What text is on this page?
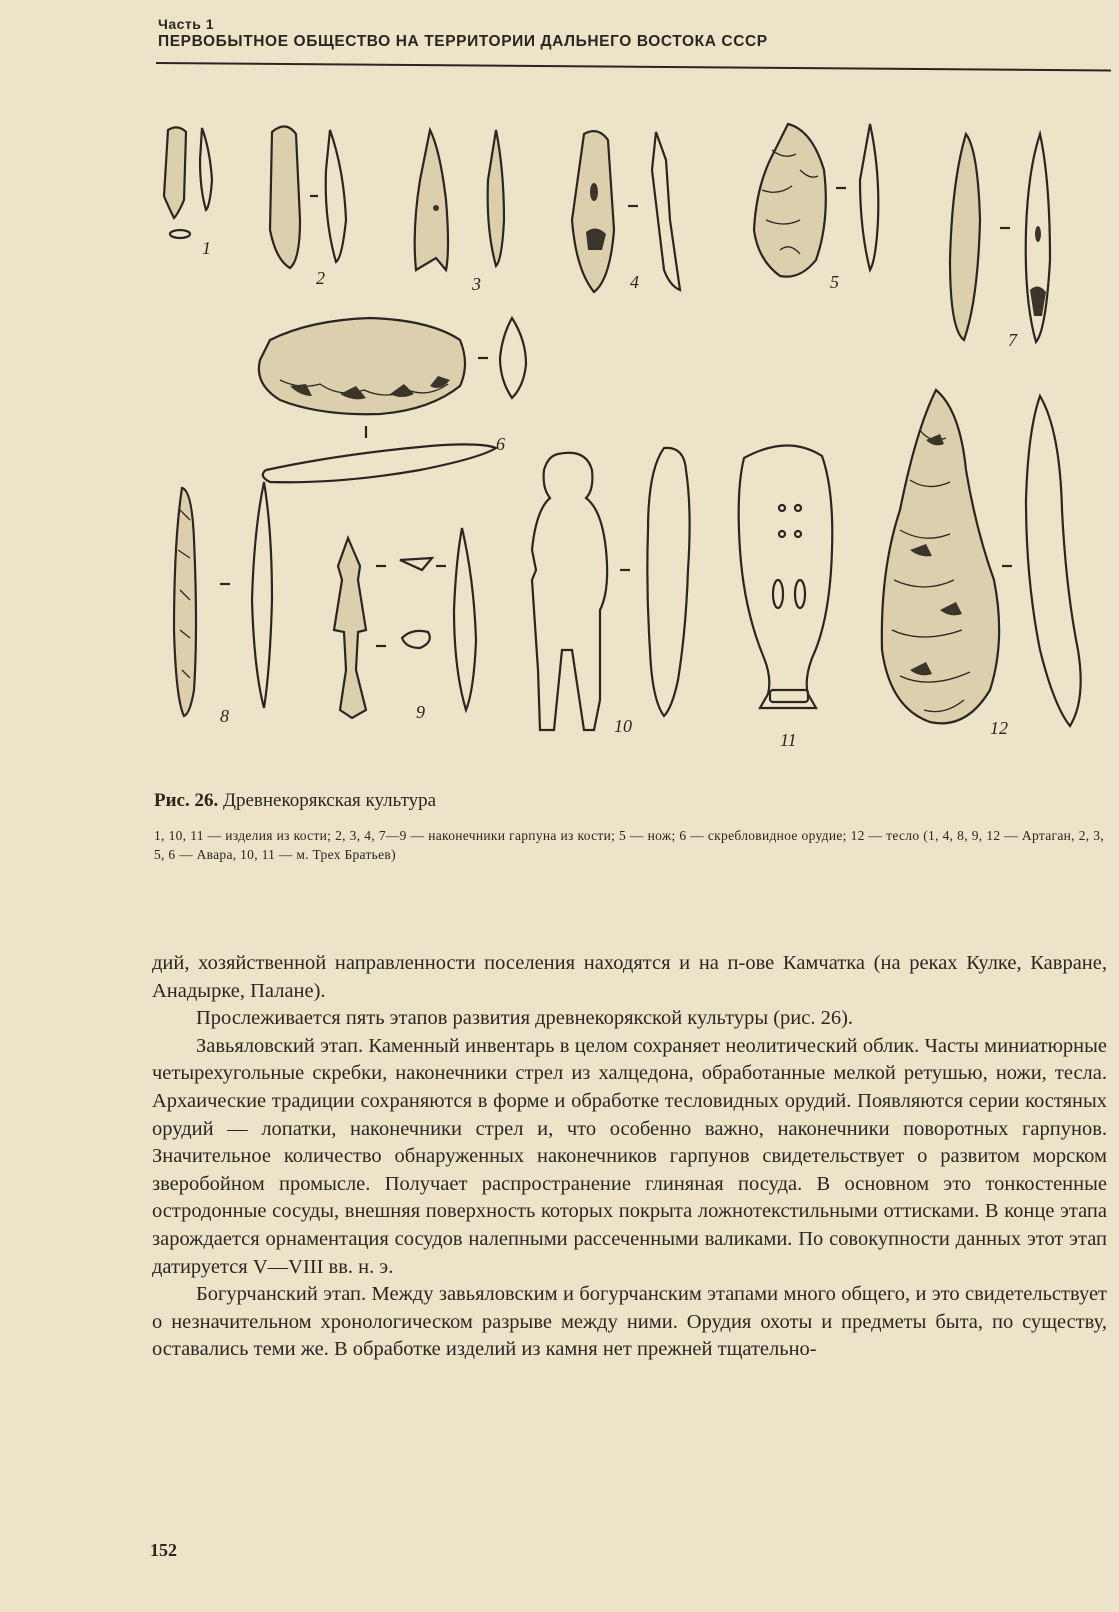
Часть 1
ПЕРВОБЫТНОЕ ОБЩЕСТВО НА ТЕРРИТОРИИ ДАЛЬНЕГО ВОСТОКА СССР
1
2	3	4	5
6
7
8	9
10
11
12
Рис. 26. Древнекорякская культура
1, 10, 11 — изделия из кости; 2, 3, 4, 7—9 — наконечники гарпуна из кости; 5 — нож; 6 — скребловидное орудие; 12 — тесло (1, 4, 8, 9, 12 — Артаган, 2, 3, 5, 6 — Авара, 10, 11 — м. Трех Братьев)

дий, хозяйственной направленности поселения находятся и на п-ове Камчатка (на реках Кулке, Кавране, Анадырке, Палане).

Прослеживается пять этапов развития древнекорякской культуры (рис. 26).

Завьяловский этап. Каменный инвентарь в целом сохраняет неолитический облик. Часты миниатюрные четырехугольные скребки, наконечники стрел из халцедона, обработанные мелкой ретушью, ножи, тесла. Архаические традиции сохраняются в форме и обработке тесловидных орудий. Появляются серии костяных орудий — лопатки, наконечники стрел и, что особенно важно, наконечники поворотных гарпунов. Значительное количество обнаруженных наконечников гарпунов свидетельствует о развитом морском зверобойном промысле. Получает распространение глиняная посуда. В основном это тонкостенные остродонные сосуды, внешняя поверхность которых покрыта ложнотекстильными оттисками. В конце этапа зарождается орнаментация сосудов налепными рассеченными валиками. По совокупности данных этот этап датируется V—VIII вв. н. э.

Богурчанский этап. Между завьяловским и богурчанским этапами много общего, и это свидетельствует о незначительном хронологическом разрыве между ними. Орудия охоты и предметы быта, по существу, оставались теми же. В обработке изделий из камня нет прежней тщательно-

152
